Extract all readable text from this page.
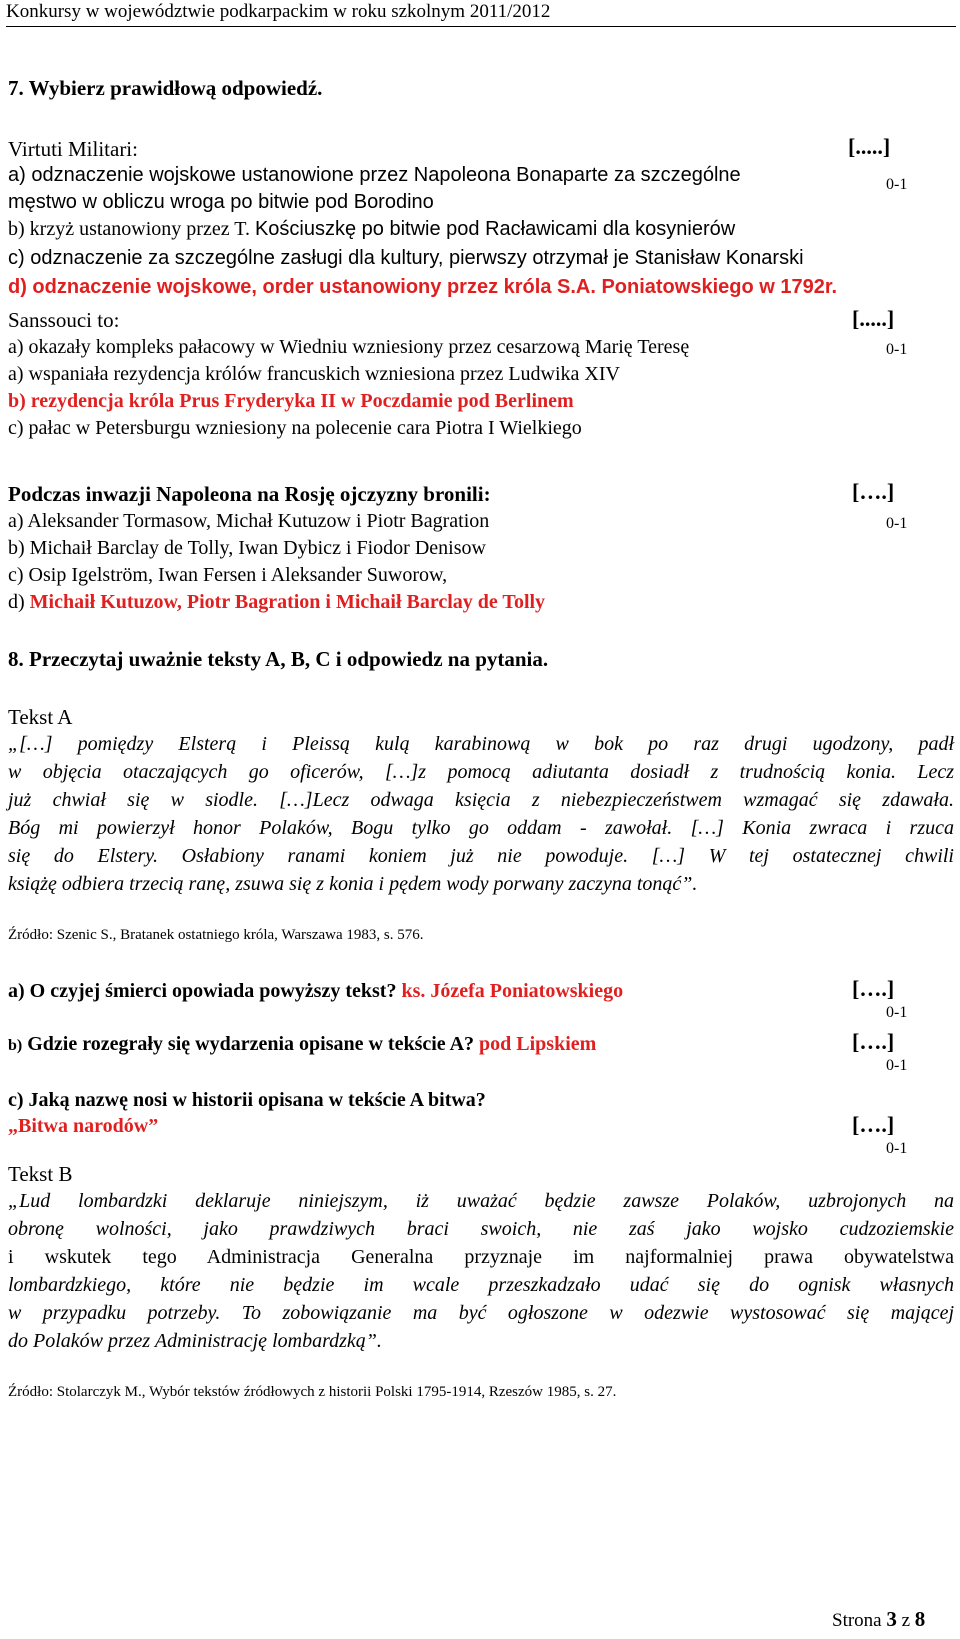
Konkursy w województwie podkarpackim w roku szkolnym 2011/2012
7. Wybierz prawidłową odpowiedź.
Virtuti Militari:	[.....]
0-1
a) odznaczenie wojskowe ustanowione przez Napoleona Bonaparte za szczególne
męstwo w obliczu wroga po bitwie pod Borodino
b) krzyż ustanowiony przez T. Kościuszkę po bitwie pod Racławicami dla kosynierów
c) odznaczenie za szczególne zasługi dla kultury, pierwszy otrzymał je Stanisław Konarski
d) odznaczenie wojskowe, order ustanowiony przez króla S.A. Poniatowskiego w 1792r.
Sanssouci to:	[.....]
0-1
a) okazały kompleks pałacowy w Wiedniu wzniesiony przez cesarzową Marię Teresę
a) wspaniała rezydencja królów francuskich wzniesiona przez Ludwika XIV
b) rezydencja króla Prus Fryderyka II w Poczdamie pod Berlinem
c) pałac w Petersburgu wzniesiony na polecenie cara Piotra I Wielkiego
Podczas inwazji Napoleona na Rosję ojczyzny bronili:	[….]
0-1
a) Aleksander Tormasow, Michał Kutuzow i Piotr Bagration
b) Michaił Barclay de Tolly, Iwan Dybicz i Fiodor Denisow
c) Osip Igelström, Iwan Fersen i Aleksander Suworow,
d) Michaił Kutuzow, Piotr Bagration i Michaił Barclay de Tolly
8. Przeczytaj uważnie teksty A, B, C i odpowiedz na pytania.
Tekst A
„[…] pomiędzy Elsterą i Pleissą kulą karabinową w bok po raz drugi ugodzony, padł
w objęcia otaczających go oficerów, […]z pomocą adiutanta dosiadł z trudnością konia. Lecz
już chwiał się w siodle. […]Lecz odwaga księcia z niebezpieczeństwem wzmagać się zdawała.
Bóg mi powierzył honor Polaków, Bogu tylko go oddam - zawołał. […] Konia zwraca i rzuca
się do Elstery. Osłabiony ranami koniem już nie powoduje. […] W tej ostatecznej chwili
książę odbiera trzecią ranę, zsuwa się z konia i pędem wody porwany zaczyna tonąć”.
Źródło: Szenic S., Bratanek ostatniego króla, Warszawa 1983, s. 576.
a) O czyjej śmierci opowiada powyższy tekst? ks. Józefa Poniatowskiego	[….]
0-1
b) Gdzie rozegrały się wydarzenia opisane w tekście A? pod Lipskiem	[….]
0-1
c) Jaką nazwę nosi w historii opisana w tekście A bitwa?
„Bitwa narodów”	[….]
0-1
Tekst B
„Lud lombardzki deklaruje niniejszym, iż uważać będzie zawsze Polaków, uzbrojonych na
obronę wolności, jako prawdziwych braci swoich, nie zaś jako wojsko cudzoziemskie
i wskutek tego Administracja Generalna przyznaje im najformalniej prawa obywatelstwa
lombardzkiego, które nie będzie im wcale przeszkadzało udać się do ognisk własnych
w przypadku potrzeby. To zobowiązanie ma być ogłoszone w odezwie wystosować się mającej
do Polaków przez Administrację lombardzką”.
Źródło: Stolarczyk M., Wybór tekstów źródłowych z historii Polski 1795-1914, Rzeszów 1985, s. 27.
Strona 3 z 8
